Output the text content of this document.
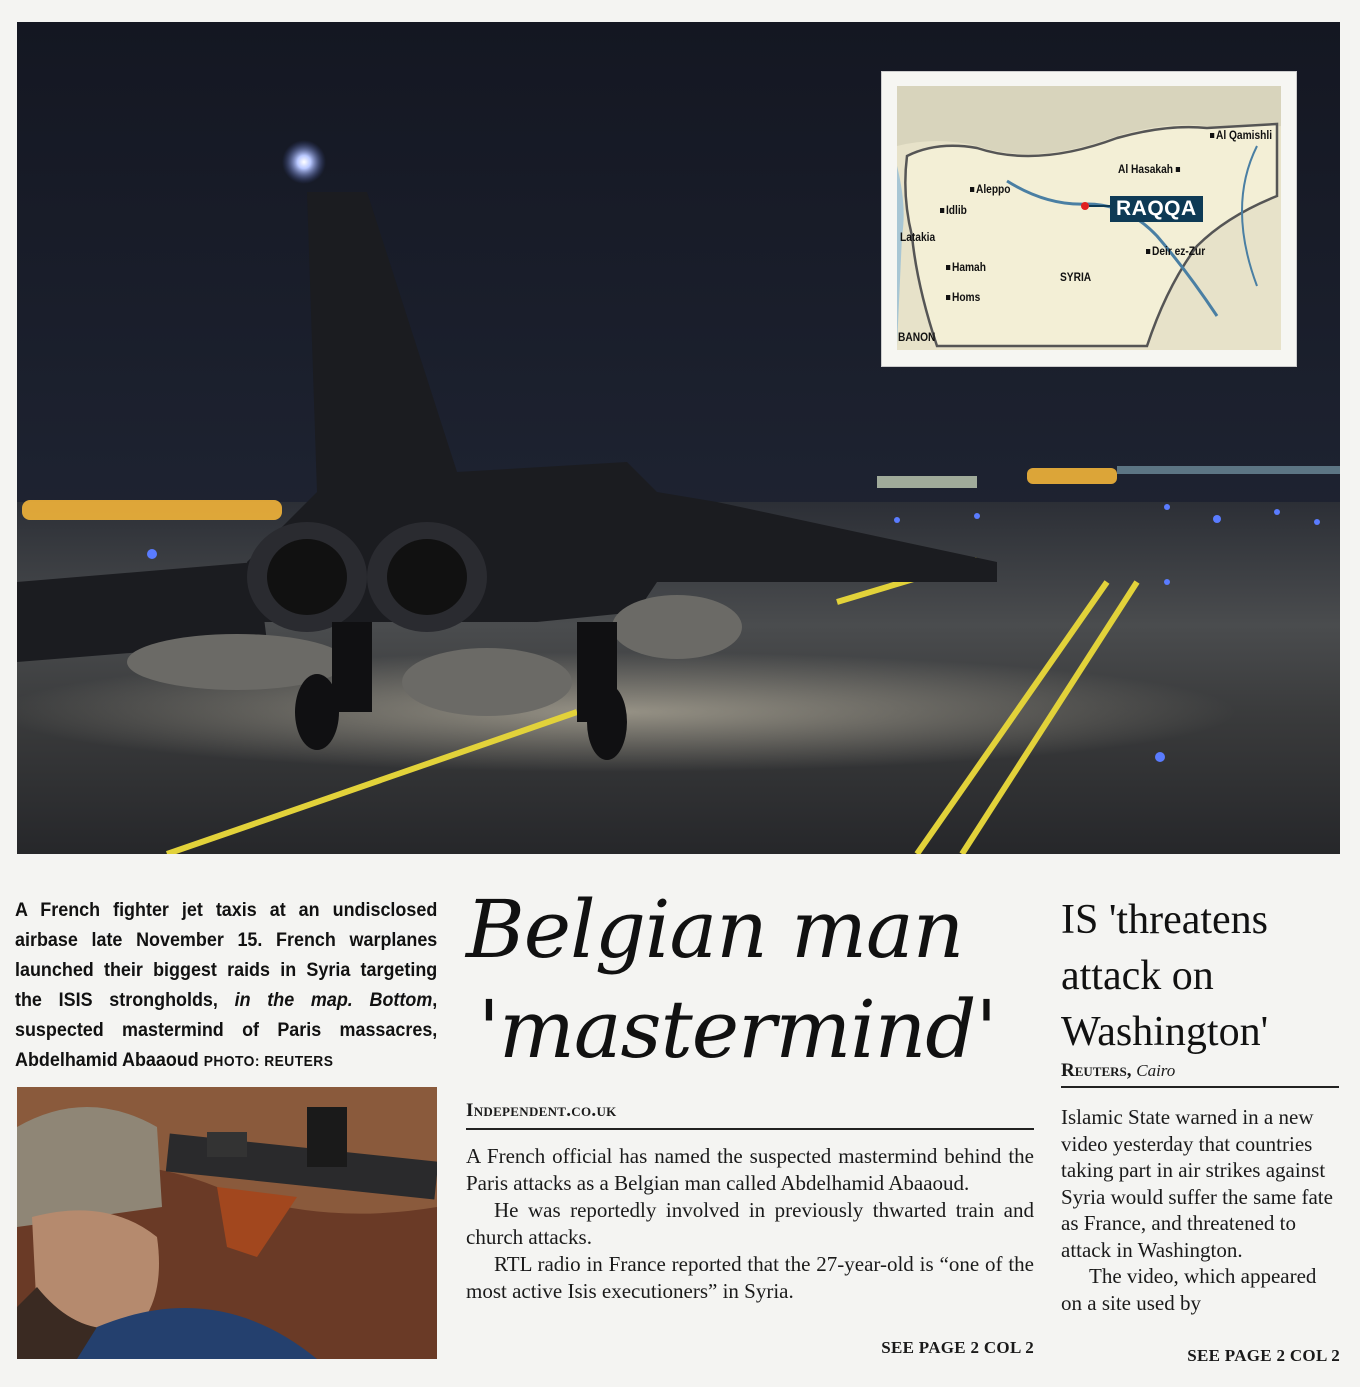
Al Qamishli
Al Hasakah
Aleppo
Idlib	RAQQA
Latakia
Deir ez-Zur
Hamah
SYRIA
Homs
BANON
A French fighter jet taxis at an undisclosed airbase late November 15. French warplanes launched their biggest raids in Syria targeting the ISIS strongholds, in the map. Bottom, suspected mastermind of Paris massacres, Abdelhamid Abaaoud PHOTO: REUTERS
Belgian man
'mastermind'
Independent.co.uk

A French official has named the suspected mastermind behind the Paris attacks as a Belgian man called Abdelhamid Abaaoud.

He was reportedly involved in previously thwarted train and church attacks.

RTL radio in France reported that the 27-year-old is “one of the most active Isis executioners” in Syria.

SEE PAGE 2 COL 2
IS 'threatens attack on Washington'
Reuters, Cairo

Islamic State warned in a new video yesterday that countries taking part in air strikes against Syria would suffer the same fate as France, and threatened to attack in Washington.

The video, which appeared on a site used by

SEE PAGE 2 COL 2
